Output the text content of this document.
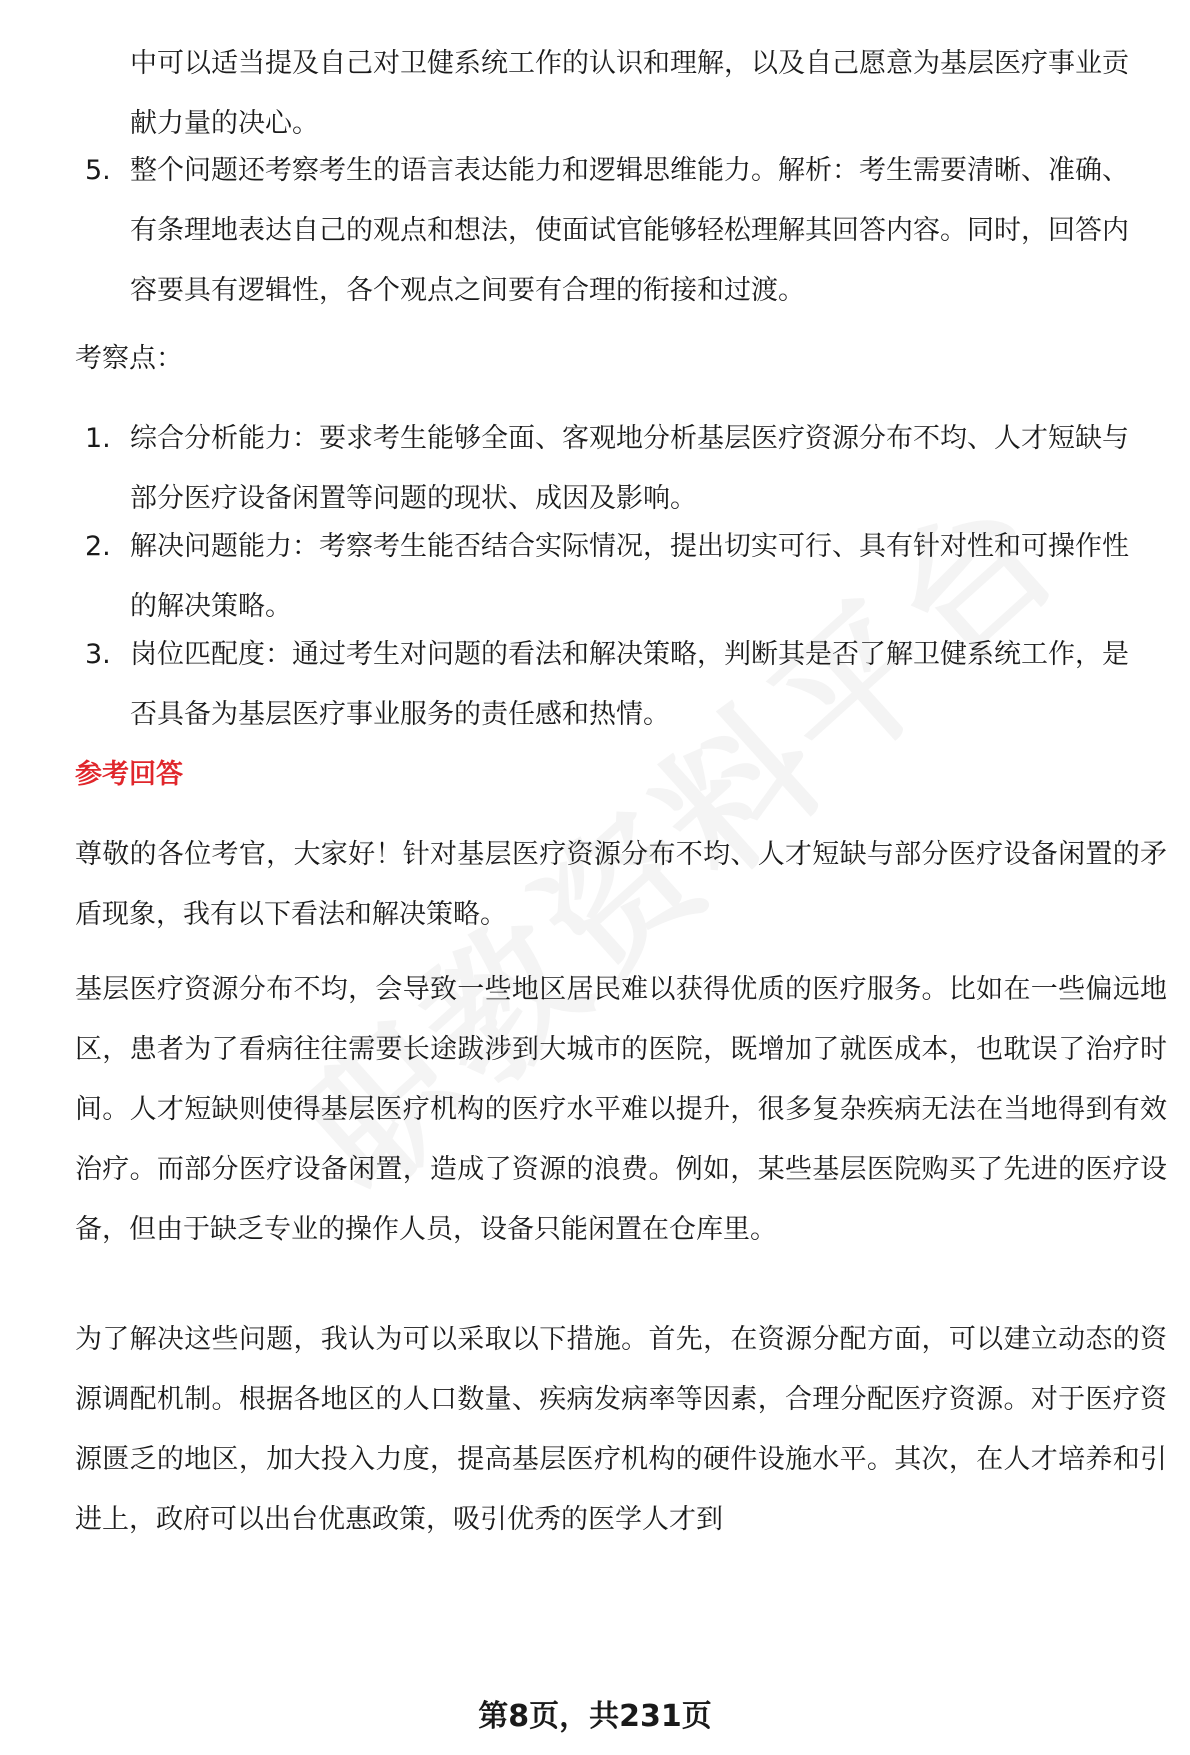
中可以适当提及自己对卫健系统工作的认识和理解，以及自己愿意为基层医疗事业贡献力量的决心。
5. 整个问题还考察考生的语言表达能力和逻辑思维能力。解析：考生需要清晰、准确、有条理地表达自己的观点和想法，使面试官能够轻松理解其回答内容。同时，回答内容要具有逻辑性，各个观点之间要有合理的衔接和过渡。
考察点：
1. 综合分析能力：要求考生能够全面、客观地分析基层医疗资源分布不均、人才短缺与部分医疗设备闲置等问题的现状、成因及影响。
2. 解决问题能力：考察考生能否结合实际情况，提出切实可行、具有针对性和可操作性的解决策略。
3. 岗位匹配度：通过考生对问题的看法和解决策略，判断其是否了解卫健系统工作，是否具备为基层医疗事业服务的责任感和热情。
参考回答
尊敬的各位考官，大家好！针对基层医疗资源分布不均、人才短缺与部分医疗设备闲置的矛盾现象，我有以下看法和解决策略。
基层医疗资源分布不均，会导致一些地区居民难以获得优质的医疗服务。比如在一些偏远地区，患者为了看病往往需要长途跋涉到大城市的医院，既增加了就医成本，也耽误了治疗时间。人才短缺则使得基层医疗机构的医疗水平难以提升，很多复杂疾病无法在当地得到有效治疗。而部分医疗设备闲置，造成了资源的浪费。例如，某些基层医院购买了先进的医疗设备，但由于缺乏专业的操作人员，设备只能闲置在仓库里。
为了解决这些问题，我认为可以采取以下措施。首先，在资源分配方面，可以建立动态的资源调配机制。根据各地区的人口数量、疾病发病率等因素，合理分配医疗资源。对于医疗资源匮乏的地区，加大投入力度，提高基层医疗机构的硬件设施水平。其次，在人才培养和引进上，政府可以出台优惠政策，吸引优秀的医学人才到
第8页，共231页
